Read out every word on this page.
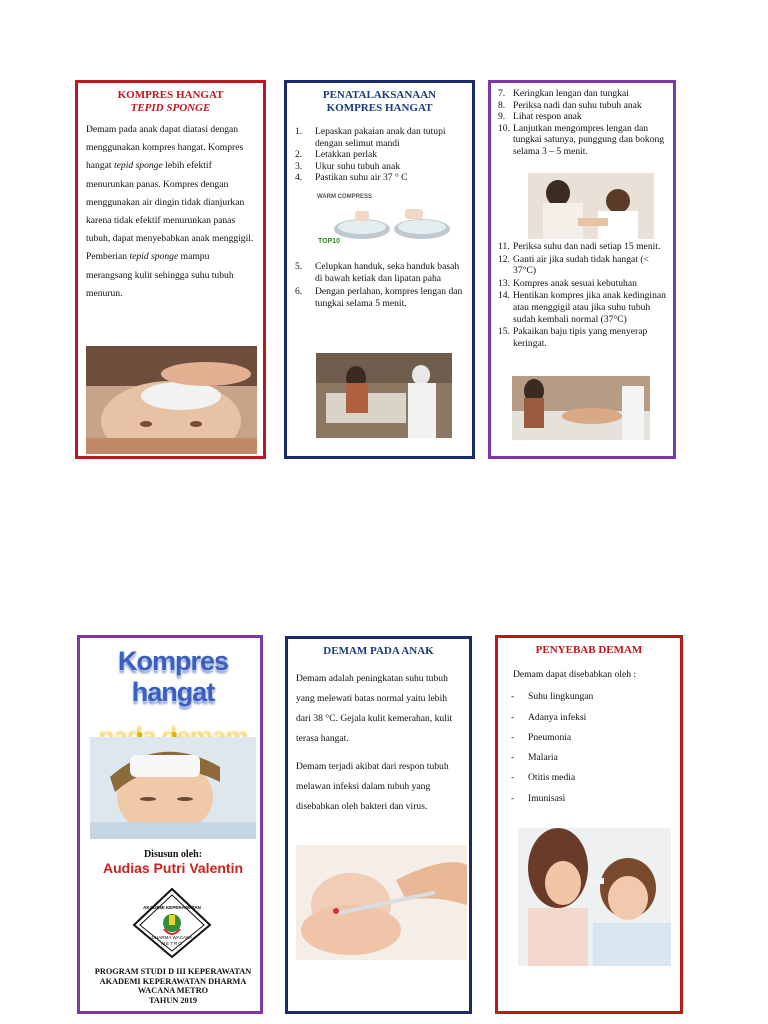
KOMPRES HANGAT

TEPID SPONGE

Demam pada anak dapat diatasi dengan menggunakan kompres hangat. Kompres hangat tepid sponge lebih efektif menurunkan panas. Kompres dengan menggunakan air dingin tidak dianjurkan karena tidak efektif menurunkan panas tubuh, dapat menyebabkan anak menggigil. Pemberian tepid sponge mampu merangsang kulit sehingga suhu tubuh menurun.

PENATALAKSANAAN

KOMPRES HANGAT

1.	Lepaskan pakaian anak dan tutupi dengan selimut mandi
2.	Letakkan perlak
3.	Ukur suhu tubuh anak
4.	Pastikan suhu air 37 ° C
WARM COMPRESS
TOP10
5.	Celupkan handuk, seka handuk basah di bawah ketiak dan lipatan paha
6.	Dengan perlahan, kompres lengan dan tungkai selama 5 menit.
7. Keringkan lengan dan tungkai
8. Periksa nadi dan suhu tubuh anak
9. Lihat respon anak
10. Lanjutkan mengompres lengan dan tungkai satunya, punggung dan bokong selama 3 – 5 menit.
11. Periksa suhu dan nadi setiap 15 menit.
12. Ganti air jika sudah tidak hangat (< 37°C)
13. Kompres anak sesuai kebutuhan
14. Hentikan kompres jika anak kedinginan atau menggigil atau jika suhu tubuh sudah kembali normal (37°C)
15. Pakaikan baju tipis yang menyerap keringat.
Kompres hangat
Disusun oleh:
Audias Putri Valentin
AKADEMI KEPERAWATAN
DHARMA WACANA
METRO
PROGRAM STUDI D III KEPERAWATAN
AKADEMI KEPERAWATAN DHARMA
WACANA METRO
TAHUN 2019

DEMAM PADA ANAK

Demam adalah peningkatan suhu tubuh yang melewati batas normal yaitu lebih dari 38 °C. Gejala kulit kemerahan, kulit terasa hangat.

Demam terjadi akibat dari respon tubuh melawan infeksi dalam tubuh yang disebabkan oleh bakteri dan virus.

PENYEBAB DEMAM

Demam dapat disebabkan oleh :

-	Suhu lingkungan
-	Adanya infeksi
-	Pneumonia
-	Malaria
-	Otitis media
-	Imunisasi
